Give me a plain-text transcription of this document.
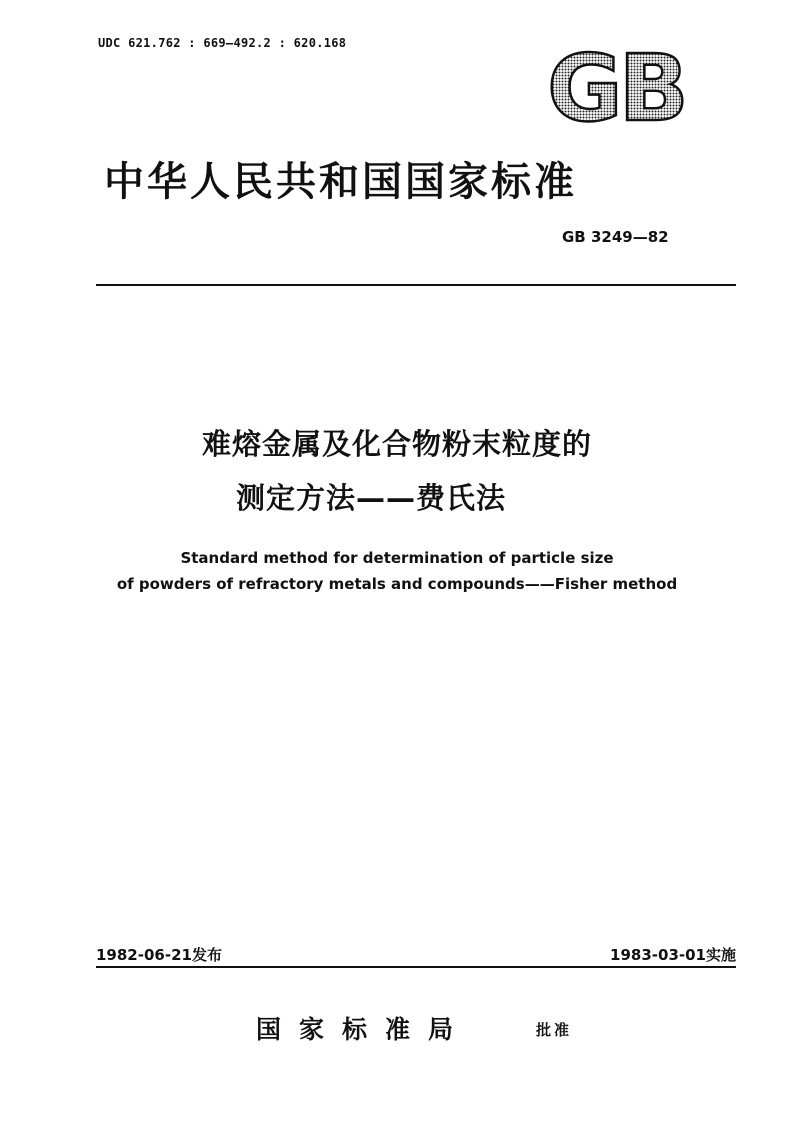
UDC 621.762 : 669—492.2 : 620.168 GB
中华人民共和国国家标准
GB 3249—82
难熔金属及化合物粉末粒度的
测定方法——费氏法
Standard method for determination of particle size
of powders of refractory metals and compounds——Fisher method
1982-06-21发布	1983-03-01实施
国家标准局	批准
